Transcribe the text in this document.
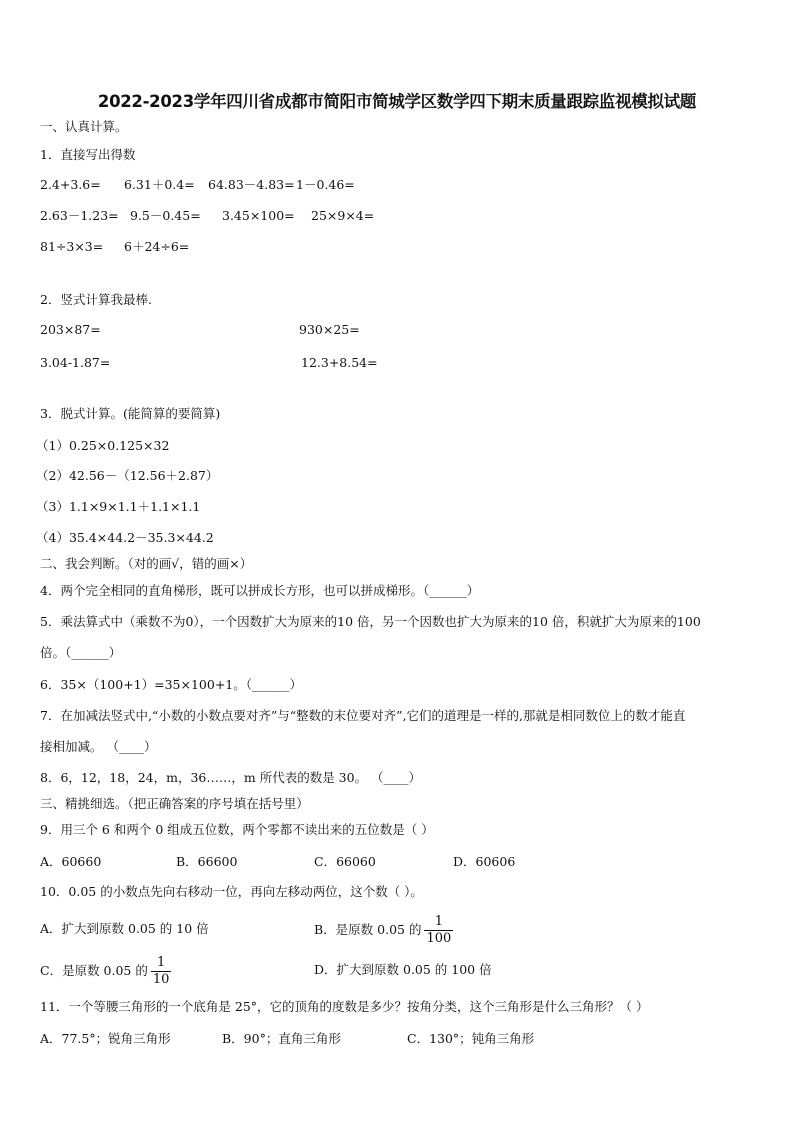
2022-2023学年四川省成都市简阳市简城学区数学四下期末质量跟踪监视模拟试题
一、认真计算。
1．直接写出得数
2.4+3.6= 6.31＋0.4= 64.83－4.83= 1－0.46=
2.63－1.23= 9.5－0.45= 3.45×100= 25×9×4=
81÷3×3= 6＋24÷6=
2．竖式计算我最棒.
203×87=	930×25=
3.04-1.87=	12.3+8.54=
3．脱式计算。(能简算的要简算)
（1）0.25×0.125×32
（2）42.56－（12.56＋2.87）
（3）1.1×9×1.1＋1.1×1.1
（4）35.4×44.2－35.3×44.2
二、我会判断。（对的画√，错的画×）
4．两个完全相同的直角梯形，既可以拼成长方形，也可以拼成梯形。（______）
5．乘法算式中（乘数不为0），一个因数扩大为原来的10 倍，另一个因数也扩大为原来的10 倍，积就扩大为原来的100
倍。（______）
6．35×（100+1）=35×100+1。（______）
7．在加减法竖式中,“小数的小数点要对齐”与“整数的末位要对齐”,它们的道理是一样的,那就是相同数位上的数才能直
接相加减。 （____）
8．6，12，18，24，m，36……，m 所代表的数是 30。 （____）
三、精挑细选。（把正确答案的序号填在括号里）
9．用三个 6 和两个 0 组成五位数，两个零都不读出来的五位数是（ ）
A．60660	B．66600	C．66060	D．60606
10．0.05 的小数点先向右移动一位，再向左移动两位，这个数（ ）。
A．扩大到原数 0.05 的 10 倍	B．是原数 0.05 的 $\frac{1}{100}$
C．是原数 0.05 的 $\frac{1}{10}$	D．扩大到原数 0.05 的 100 倍
11．一个等腰三角形的一个底角是 25°，它的顶角的度数是多少？按角分类，这个三角形是什么三角形？（ ）
A．77.5°；锐角三角形	B．90°；直角三角形	C．130°；钝角三角形
